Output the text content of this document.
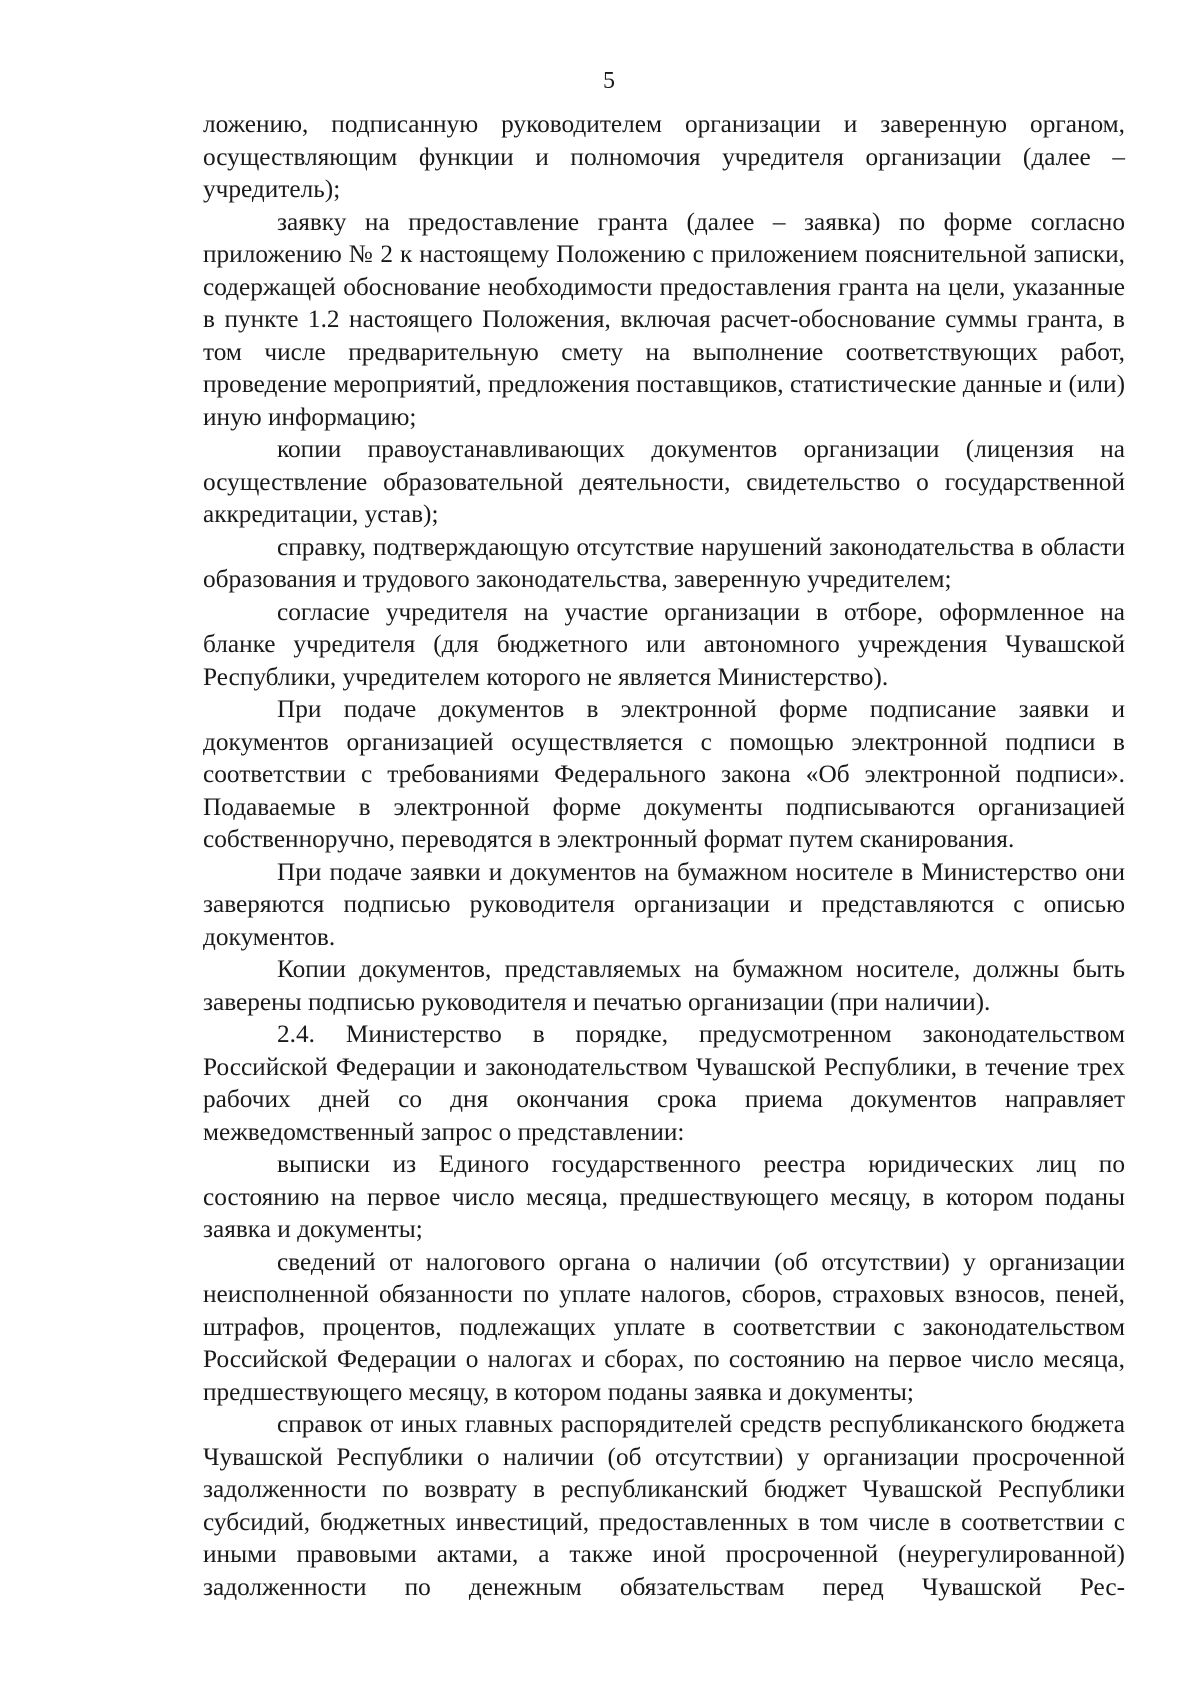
5

ложению, подписанную руководителем организации и заверенную органом, осуществляющим функции и полномочия учредителя организации (далее – учредитель);

заявку на предоставление гранта (далее – заявка) по форме согласно приложению № 2 к настоящему Положению с приложением пояснительной записки, содержащей обоснование необходимости предоставления гранта на цели, указанные в пункте 1.2 настоящего Положения, включая расчет-обоснование суммы гранта, в том числе предварительную смету на выполнение соответствующих работ, проведение мероприятий, предложения поставщиков, статистические данные и (или) иную информацию;

копии правоустанавливающих документов организации (лицензия на осуществление образовательной деятельности, свидетельство о государственной аккредитации, устав);

справку, подтверждающую отсутствие нарушений законодательства в области образования и трудового законодательства, заверенную учредителем;

согласие учредителя на участие организации в отборе, оформленное на бланке учредителя (для бюджетного или автономного учреждения Чувашской Республики, учредителем которого не является Министерство).

При подаче документов в электронной форме подписание заявки и документов организацией осуществляется с помощью электронной подписи в соответствии с требованиями Федерального закона «Об электронной подписи». Подаваемые в электронной форме документы подписываются организацией собственноручно, переводятся в электронный формат путем сканирования.

При подаче заявки и документов на бумажном носителе в Министерство они заверяются подписью руководителя организации и представляются с описью документов.

Копии документов, представляемых на бумажном носителе, должны быть заверены подписью руководителя и печатью организации (при наличии).

2.4. Министерство в порядке, предусмотренном законодательством Российской Федерации и законодательством Чувашской Республики, в течение трех рабочих дней со дня окончания срока приема документов направляет межведомственный запрос о представлении:

выписки из Единого государственного реестра юридических лиц по состоянию на первое число месяца, предшествующего месяцу, в котором поданы заявка и документы;

сведений от налогового органа о наличии (об отсутствии) у организации неисполненной обязанности по уплате налогов, сборов, страховых взносов, пеней, штрафов, процентов, подлежащих уплате в соответствии с законодательством Российской Федерации о налогах и сборах, по состоянию на первое число месяца, предшествующего месяцу, в котором поданы заявка и документы;

справок от иных главных распорядителей средств республиканского бюджета Чувашской Республики о наличии (об отсутствии) у организации просроченной задолженности по возврату в республиканский бюджет Чувашской Республики субсидий, бюджетных инвестиций, предоставленных в том числе в соответствии с иными правовыми актами, а также иной просроченной (неурегулированной) задолженности по денежным обязательствам перед Чувашской Рес-
